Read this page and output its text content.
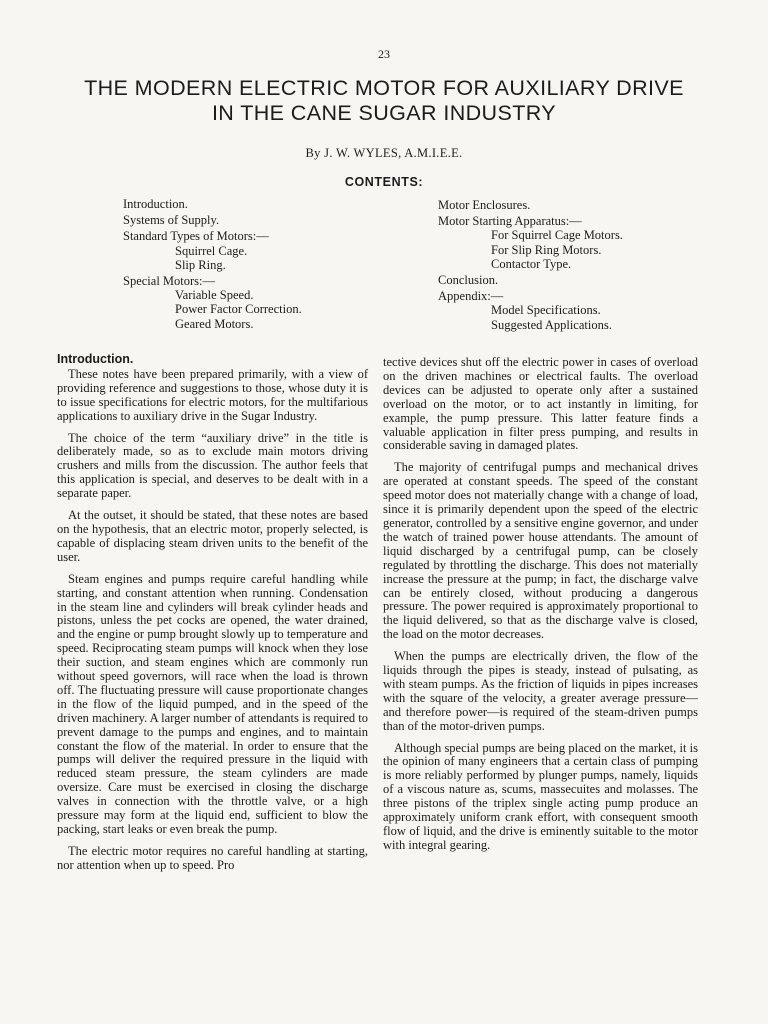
23
THE MODERN ELECTRIC MOTOR FOR AUXILIARY DRIVE
IN THE CANE SUGAR INDUSTRY
By J. W. WYLES, A.M.I.E.E.
CONTENTS:
Introduction.
Systems of Supply.
Standard Types of Motors:—
Squirrel Cage.
Slip Ring.
Special Motors:—
Variable Speed.
Power Factor Correction.
Geared Motors.
Motor Enclosures.
Motor Starting Apparatus:—
For Squirrel Cage Motors.
For Slip Ring Motors.
Contactor Type.
Conclusion.
Appendix:—
Model Specifications.
Suggested Applications.
Introduction.

These notes have been prepared primarily, with a view of providing reference and suggestions to those, whose duty it is to issue specifications for electric motors, for the multifarious applications to auxiliary drive in the Sugar Industry.

The choice of the term “auxiliary drive” in the title is deliberately made, so as to exclude main motors driving crushers and mills from the discussion. The author feels that this application is special, and deserves to be dealt with in a separate paper.

At the outset, it should be stated, that these notes are based on the hypothesis, that an electric motor, properly selected, is capable of displacing steam driven units to the benefit of the user.

Steam engines and pumps require careful handling while starting, and constant attention when running. Condensation in the steam line and cylinders will break cylinder heads and pistons, unless the pet cocks are opened, the water drained, and the engine or pump brought slowly up to temperature and speed. Reciprocating steam pumps will knock when they lose their suction, and steam engines which are commonly run without speed governors, will race when the load is thrown off. The fluctuating pressure will cause proportionate changes in the flow of the liquid pumped, and in the speed of the driven machinery. A larger number of attendants is required to prevent damage to the pumps and engines, and to maintain constant the flow of the material. In order to ensure that the pumps will deliver the required pressure in the liquid with reduced steam pressure, the steam cylinders are made oversize. Care must be exercised in closing the discharge valves in connection with the throttle valve, or a high pressure may form at the liquid end, sufficient to blow the packing, start leaks or even break the pump.

The electric motor requires no careful handling at starting, nor attention when up to speed. Pro

tective devices shut off the electric power in cases of overload on the driven machines or electrical faults. The overload devices can be adjusted to operate only after a sustained overload on the motor, or to act instantly in limiting, for example, the pump pressure. This latter feature finds a valuable application in filter press pumping, and results in considerable saving in damaged plates.

The majority of centrifugal pumps and mechanical drives are operated at constant speeds. The speed of the constant speed motor does not materially change with a change of load, since it is primarily dependent upon the speed of the electric generator, controlled by a sensitive engine governor, and under the watch of trained power house attendants. The amount of liquid discharged by a centrifugal pump, can be closely regulated by throttling the discharge. This does not materially increase the pressure at the pump; in fact, the discharge valve can be entirely closed, without producing a dangerous pressure. The power required is approximately proportional to the liquid delivered, so that as the discharge valve is closed, the load on the motor decreases.

When the pumps are electrically driven, the flow of the liquids through the pipes is steady, instead of pulsating, as with steam pumps. As the friction of liquids in pipes increases with the square of the velocity, a greater average pressure—and therefore power—is required of the steam-driven pumps than of the motor-driven pumps.

Although special pumps are being placed on the market, it is the opinion of many engineers that a certain class of pumping is more reliably performed by plunger pumps, namely, liquids of a viscous nature as, scums, massecuites and molasses. The three pistons of the triplex single acting pump produce an approximately uniform crank effort, with consequent smooth flow of liquid, and the drive is eminently suitable to the motor with integral gearing.
